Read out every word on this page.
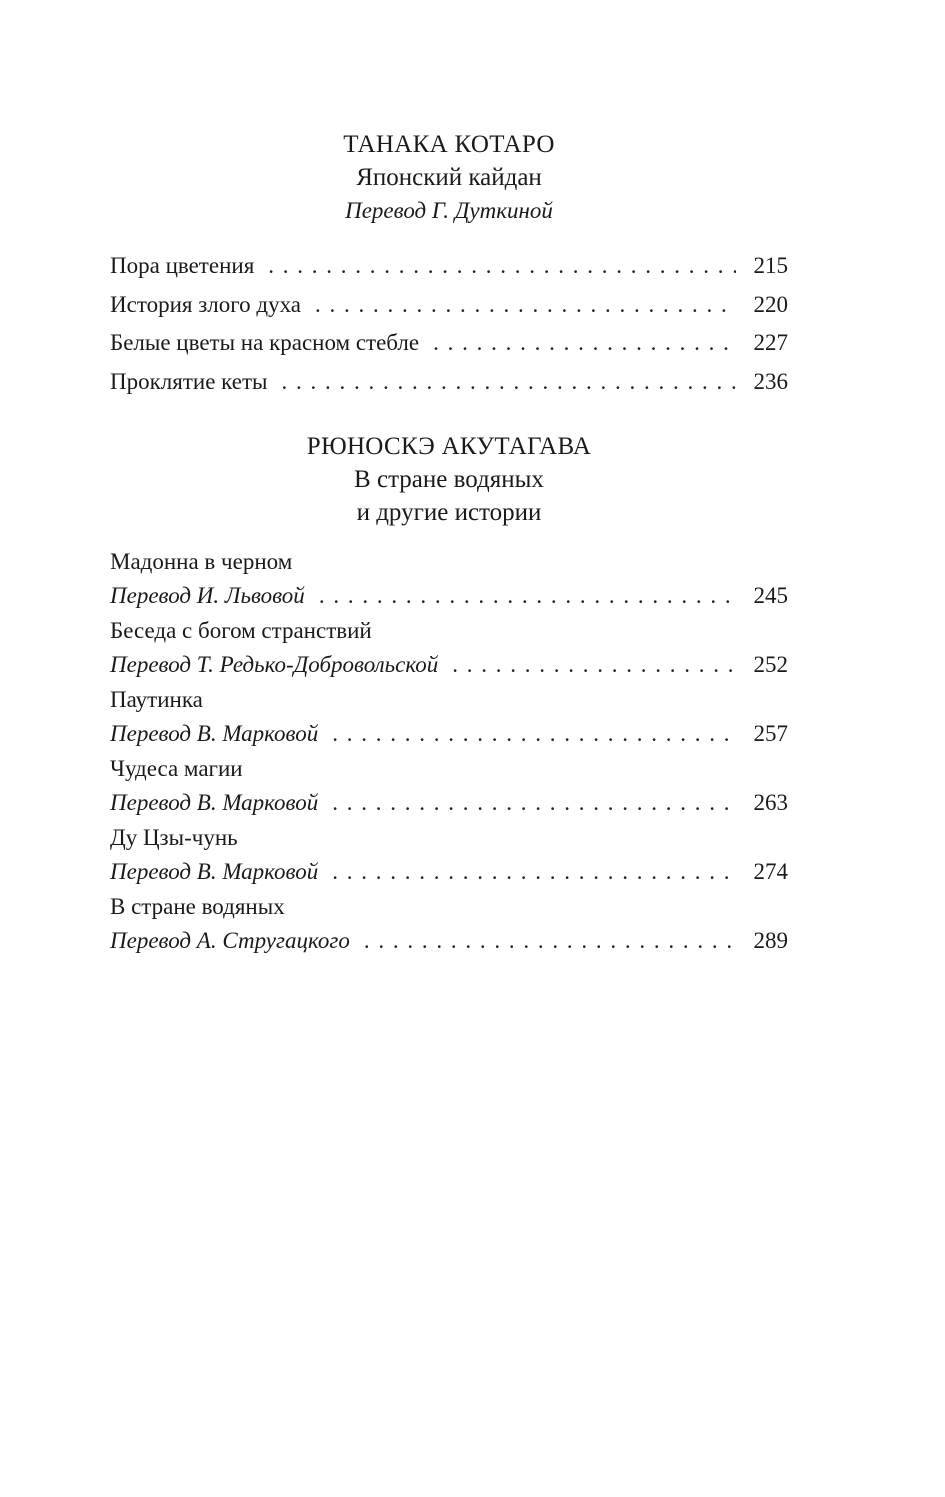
ТАНАКА КОТАРО

Японский кайдан

Перевод Г. Дуткиной

Пора цветения . . .	215
История злого духа . . .	220
Белые цветы на красном стебле . . .	227
Проклятие кеты . . .	236

РЮНОСКЭ АКУТАГАВА

В стране водяных

и другие истории

Мадонна в черном
Перевод И. Львовой . . .	245
Беседа с богом странствий
Перевод Т. Редько-Добровольской . . .	252
Паутинка
Перевод В. Марковой . . .	257
Чудеса магии
Перевод В. Марковой . . .	263
Ду Цзы-чунь
Перевод В. Марковой . . .	274
В стране водяных
Перевод А. Стругацкого . . .	289
